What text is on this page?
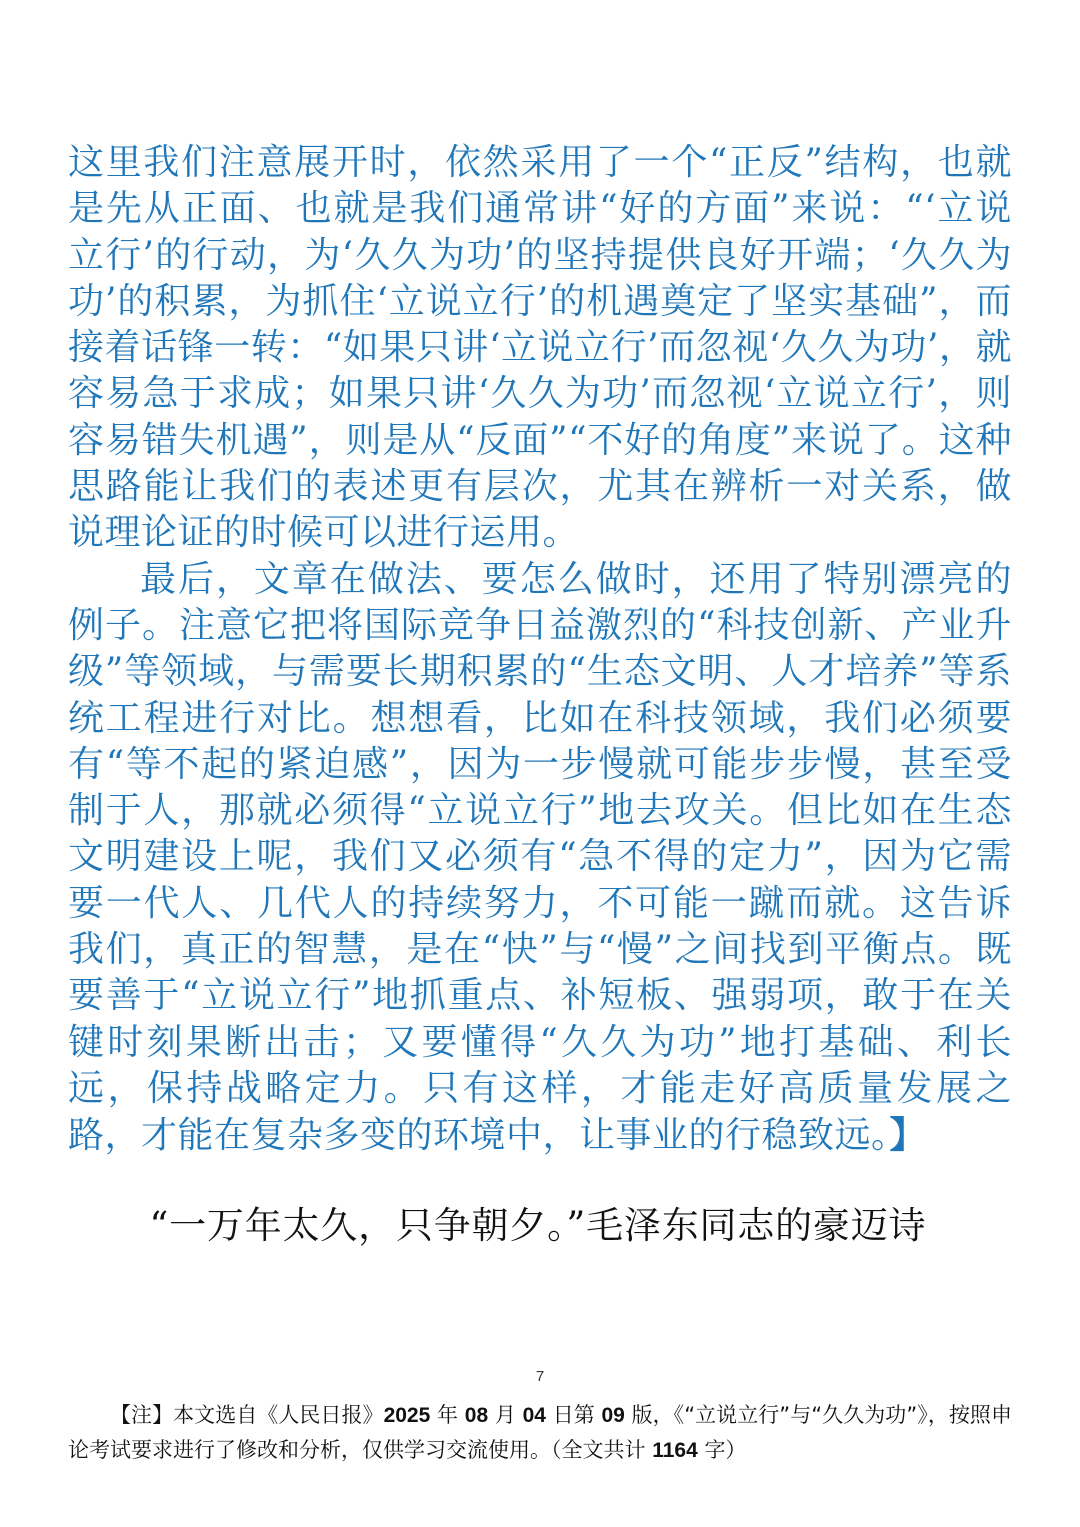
这里我们注意展开时，依然采用了一个“正反”结构，也就是先从正面、也就是我们通常讲“好的方面”来说：“‘立说立行’的行动，为‘久久为功’的坚持提供良好开端；‘久久为功’的积累，为抓住‘立说立行’的机遇奠定了坚实基础”，而接着话锋一转：“如果只讲‘立说立行’而忽视‘久久为功’，就容易急于求成；如果只讲‘久久为功’而忽视‘立说立行’，则容易错失机遇”，则是从“反面”“不好的角度”来说了。这种思路能让我们的表述更有层次，尤其在辨析一对关系，做说理论证的时候可以进行运用。

最后，文章在做法、要怎么做时，还用了特别漂亮的例子。注意它把将国际竞争日益激烈的“科技创新、产业升级”等领域，与需要长期积累的“生态文明、人才培养”等系统工程进行对比。想想看，比如在科技领域，我们必须要有“等不起的紧迫感”，因为一步慢就可能步步慢，甚至受制于人，那就必须得“立说立行”地去攻关。但比如在生态文明建设上呢，我们又必须有“急不得的定力”，因为它需要一代人、几代人的持续努力，不可能一蹴而就。这告诉我们，真正的智慧，是在“快”与“慢”之间找到平衡点。既要善于“立说立行”地抓重点、补短板、强弱项，敢于在关键时刻果断出击；又要懂得“久久为功”地打基础、利长远，保持战略定力。只有这样，才能走好高质量发展之路，才能在复杂多变的环境中，让事业的行稳致远。】

“一万年太久，只争朝夕。”毛泽东同志的豪迈诗
7
【注】本文选自《人民日报》2025 年 08 月 04 日第 09 版，《“立说立行”与“久久为功”》，按照申论考试要求进行了修改和分析，仅供学习交流使用。（全文共计 1164 字）
